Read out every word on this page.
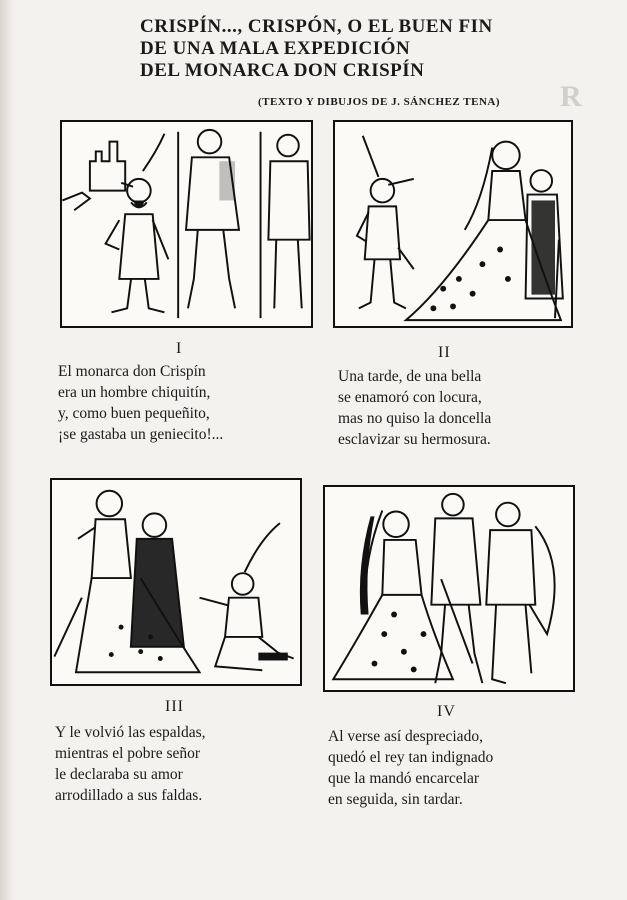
R
CRISPÍN..., CRISPÓN, O EL BUEN FIN
DE UNA MALA EXPEDICIÓN
DEL MONARCA DON CRISPÍN
(TEXTO Y DIBUJOS DE J. SÁNCHEZ TENA)
I
El monarca don Crispín
era un hombre chiquitín,
y, como buen pequeñito,
¡se gastaba un geniecito!...
II
Una tarde, de una bella
se enamoró con locura,
mas no quiso la doncella
esclavizar su hermosura.
III
Y le volvió las espaldas,
mientras el pobre señor
le declaraba su amor
arrodillado a sus faldas.
IV
Al verse así despreciado,
quedó el rey tan indignado
que la mandó encarcelar
en seguida, sin tardar.
